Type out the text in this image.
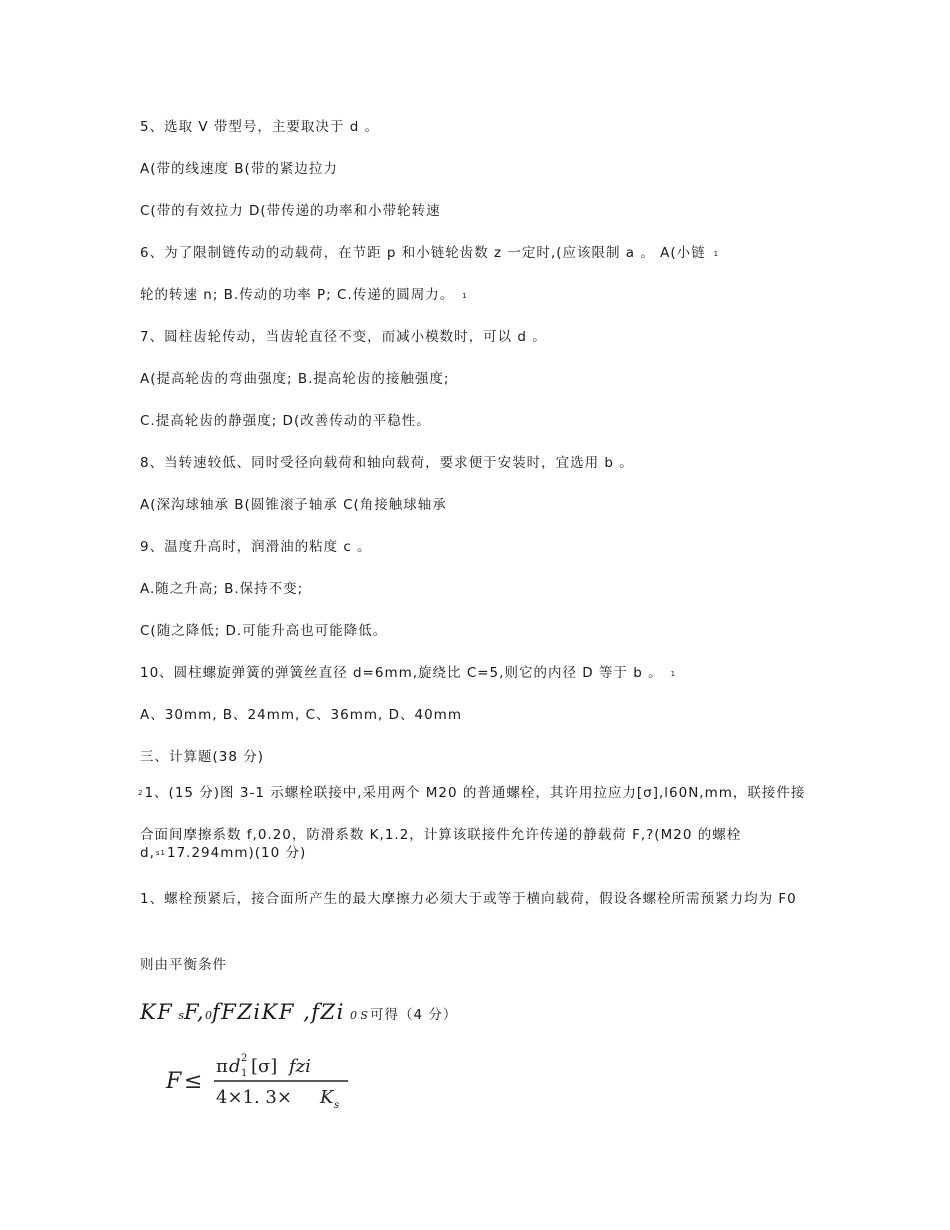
5、选取 V 带型号，主要取决于 d 。
A(带的线速度 B(带的紧边拉力
C(带的有效拉力 D(带传递的功率和小带轮转速
6、为了限制链传动的动载荷，在节距 p 和小链轮齿数 z 一定时,(应该限制 a 。 A(小链 1
轮的转速 n; B.传动的功率 P; C.传递的圆周力。 1
7、圆柱齿轮传动，当齿轮直径不变，而减小模数时，可以 d 。
A(提高轮齿的弯曲强度; B.提高轮齿的接触强度;
C.提高轮齿的静强度; D(改善传动的平稳性。
8、当转速较低、同时受径向载荷和轴向载荷，要求便于安装时，宜选用 b 。
A(深沟球轴承 B(圆锥滚子轴承 C(角接触球轴承
9、温度升高时，润滑油的粘度 c 。
A.随之升高; B.保持不变;
C(随之降低; D.可能升高也可能降低。
10、圆柱螺旋弹簧的弹簧丝直径 d=6mm,旋绕比 C=5,则它的内径 D 等于 b 。 1
A、30mm, B、24mm, C、36mm, D、40mm
三、计算题(38 分)
21、(15 分)图 3-1 示螺栓联接中,采用两个 M20 的普通螺栓，其许用拉应力[σ],l60N,mm，联接件接
合面间摩擦系数 f,0.20，防滑系数 K,1.2，计算该联接件允许传递的静载荷 F,?(M20 的螺栓 d,s117.294mm)(10 分)
1、螺栓预紧后，接合面所产生的最大摩擦力必须大于或等于横向载荷，假设各螺栓所需预紧力均为 F0
则由平衡条件
KF sF,0fFZiKF ,fZi 0 S 可得（4 分）
F ≤
π d 2
1 [σ] fzi
4×1. 3× K s
